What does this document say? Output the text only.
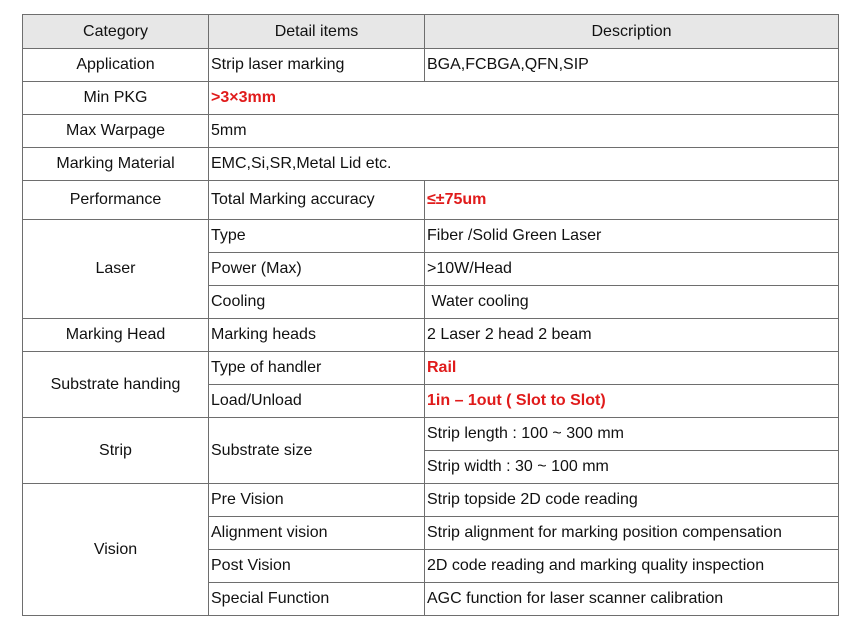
Category	Detail items	Description
Application	Strip laser marking	BGA,FCBGA,QFN,SIP
Min PKG	>3×3mm	
Max Warpage	5mm	
Marking Material	EMC,Si,SR,Metal Lid etc.	
Performance	Total Marking accuracy	≤±75um
Laser	Type	Fiber /Solid Green Laser
	Power (Max)	>10W/Head
	Cooling	Water cooling
Marking Head	Marking heads	2 Laser 2 head 2 beam
Substrate handing	Type of handler	Rail
	Load/Unload	1in – 1out ( Slot to Slot)
Strip	Substrate size	Strip length : 100 ~ 300 mm
		Strip width : 30 ~ 100 mm
Vision	Pre Vision	Strip topside 2D code reading
	Alignment vision	Strip alignment for marking position compensation
	Post Vision	2D code reading and marking quality inspection
	Special Function	AGC function for laser scanner calibration
